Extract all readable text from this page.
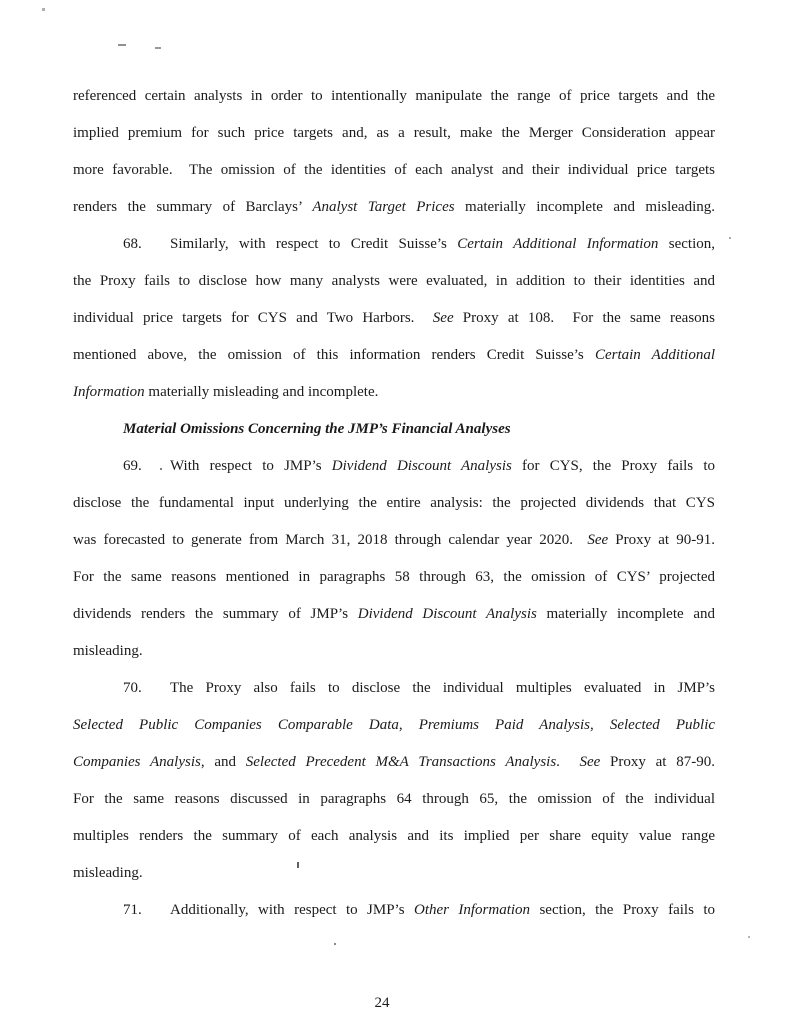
referenced certain analysts in order to intentionally manipulate the range of price targets and the
implied premium for such price targets and, as a result, make the Merger Consideration appear
more favorable.  The omission of the identities of each analyst and their individual price targets
renders the summary of Barclays’ Analyst Target Prices materially incomplete and misleading.
68. Similarly, with respect to Credit Suisse’s Certain Additional Information section,
the Proxy fails to disclose how many analysts were evaluated, in addition to their identities and
individual price targets for CYS and Two Harbors.  See Proxy at 108.  For the same reasons
mentioned above, the omission of this information renders Credit Suisse’s Certain Additional
Information materially misleading and incomplete.
Material Omissions Concerning the JMP’s Financial Analyses
69. With respect to JMP’s Dividend Discount Analysis for CYS, the Proxy fails to
disclose the fundamental input underlying the entire analysis: the projected dividends that CYS
was forecasted to generate from March 31, 2018 through calendar year 2020.  See Proxy at 90-91.
For the same reasons mentioned in paragraphs 58 through 63, the omission of CYS’ projected
dividends renders the summary of JMP’s Dividend Discount Analysis materially incomplete and
misleading.
70. The Proxy also fails to disclose the individual multiples evaluated in JMP’s
Selected Public Companies Comparable Data, Premiums Paid Analysis, Selected Public
Companies Analysis, and Selected Precedent M&A Transactions Analysis.  See Proxy at 87-90.
For the same reasons discussed in paragraphs 64 through 65, the omission of the individual
multiples renders the summary of each analysis and its implied per share equity value range
misleading.
71. Additionally, with respect to JMP’s Other Information section, the Proxy fails to
24
